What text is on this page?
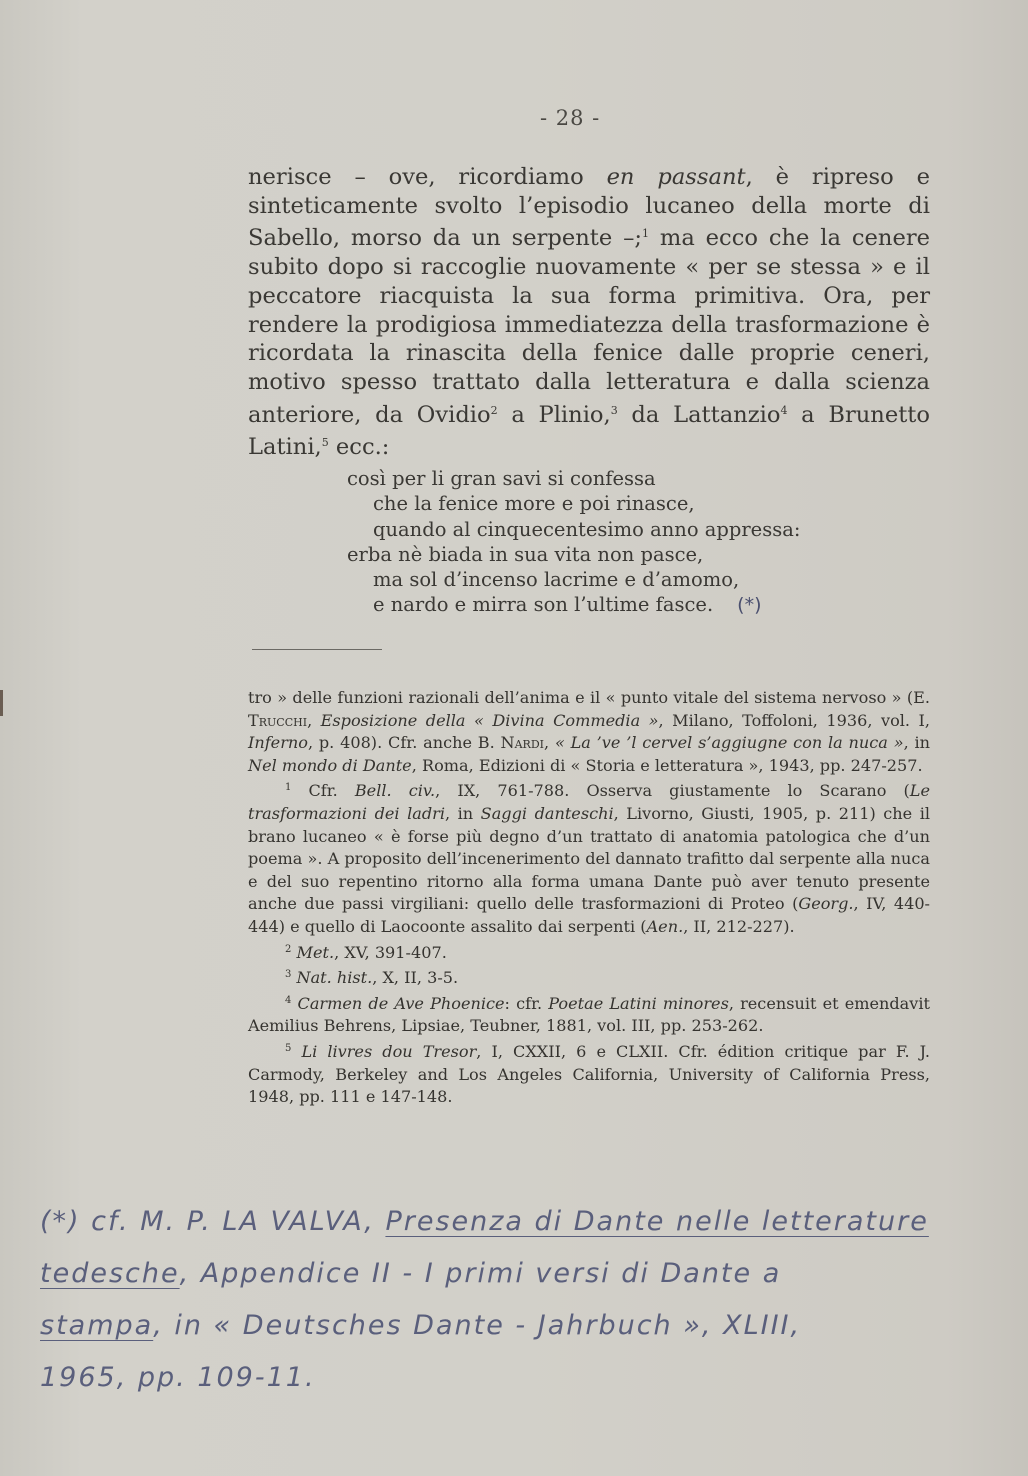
- 28 -
nerisce – ove, ricordiamo en passant, è ripreso e sinteticamente svolto l’episodio lucaneo della morte di Sabello, morso da un serpente –;$^1$ ma ecco che la cenere subito dopo si raccoglie nuovamente « per se stessa » e il peccatore riacquista la sua forma primitiva. Ora, per rendere la prodigiosa immediatezza della trasformazione è ricordata la rinascita della fenice dalle proprie ceneri, motivo spesso trattato dalla letteratura e dalla scienza anteriore, da Ovidio$^2$ a Plinio,$^3$ da Lattanzio$^4$ a Brunetto Latini,$^5$ ecc.:
così per li gran savi si confessa
che la fenice more e poi rinasce,
quando al cinquecentesimo anno appressa:
erba nè biada in sua vita non pasce,
ma sol d’incenso lacrime e d’amomo,
e nardo e mirra son l’ultime fasce. (*)

tro » delle funzioni razionali dell’anima e il « punto vitale del sistema nervoso » (E. Trucchi, Esposizione della « Divina Commedia », Milano, Toffoloni, 1936, vol. I, Inferno, p. 408). Cfr. anche B. Nardi, « La ’ve ’l cervel s’aggiugne con la nuca », in Nel mondo di Dante, Roma, Edizioni di « Storia e letteratura », 1943, pp. 247-257.

$^1$ Cfr. Bell. civ., IX, 761-788. Osserva giustamente lo Scarano (Le trasformazioni dei ladri, in Saggi danteschi, Livorno, Giusti, 1905, p. 211) che il brano lucaneo « è forse più degno d’un trattato di anatomia patologica che d’un poema ». A proposito dell’incenerimento del dannato trafitto dal serpente alla nuca e del suo repentino ritorno alla forma umana Dante può aver tenuto presente anche due passi virgiliani: quello delle trasformazioni di Proteo (Georg., IV, 440-444) e quello di Laocoonte assalito dai serpenti (Aen., II, 212-227).

$^2$ Met., XV, 391-407.

$^3$ Nat. hist., X, II, 3-5.

$^4$ Carmen de Ave Phoenice: cfr. Poetae Latini minores, recensuit et emendavit Aemilius Behrens, Lipsiae, Teubner, 1881, vol. III, pp. 253-262.

$^5$ Li livres dou Tresor, I, CXXII, 6 e CLXII. Cfr. édition critique par F. J. Carmody, Berkeley and Los Angeles California, University of California Press, 1948, pp. 111 e 147-148.

(*) cf. M. P. LA VALVA, Presenza di Dante nelle letterature
tedesche, Appendice II - I primi versi di Dante a
stampa, in « Deutsches Dante - Jahrbuch », XLIII,
1965, pp. 109-11.
